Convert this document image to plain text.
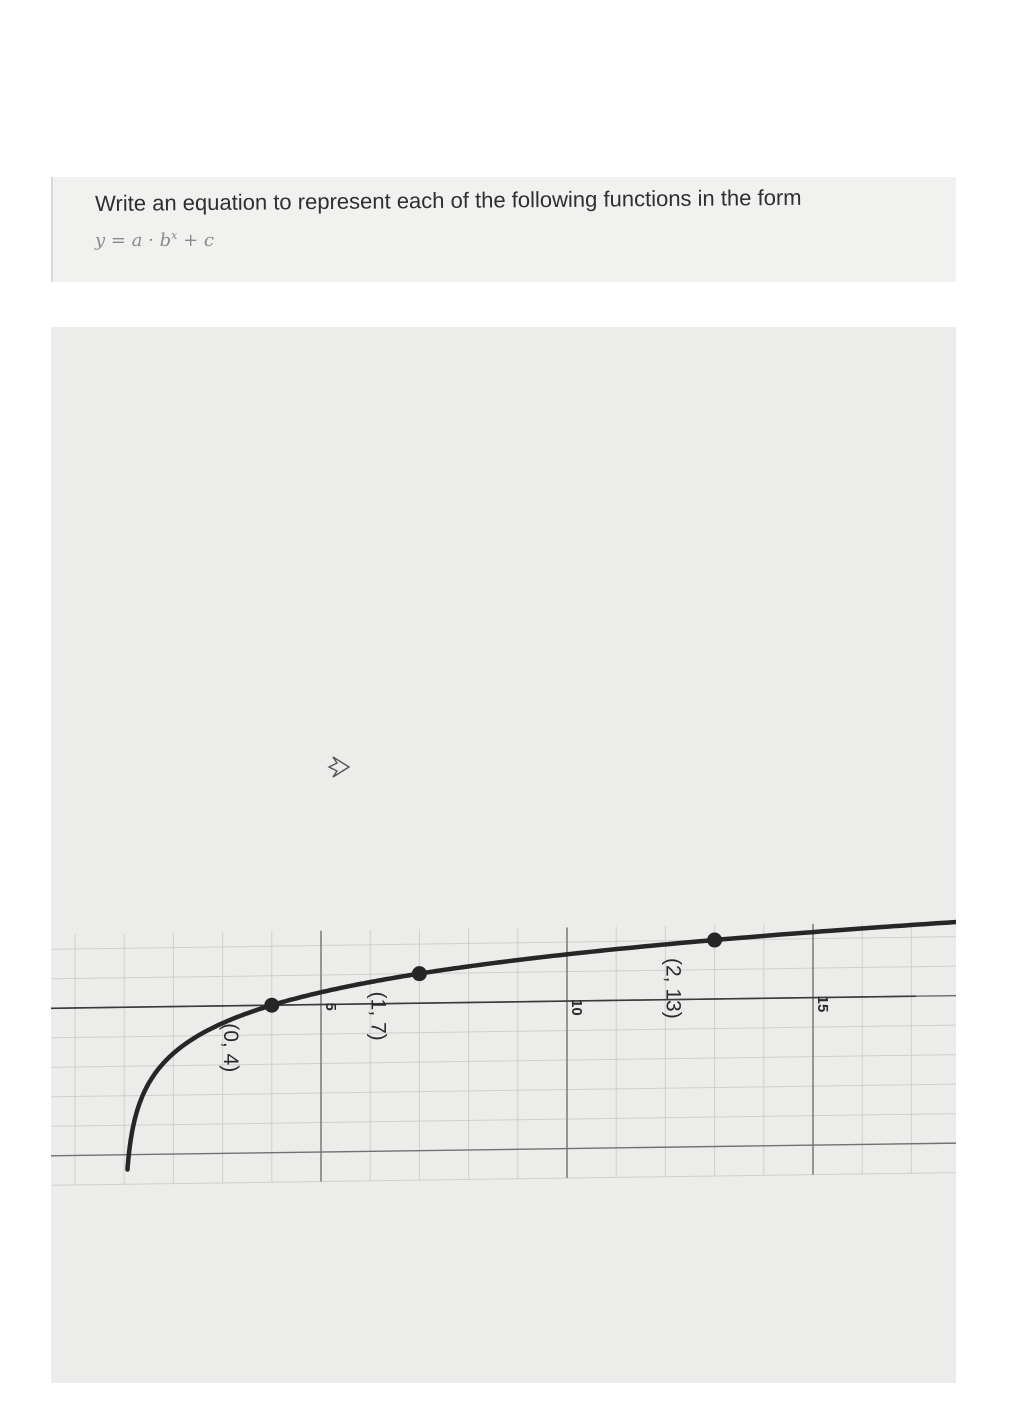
Write an equation to represent each of the following functions in the form
$y = a \cdot b^x + c$
5	10	15
(0, 4)
(1, 7)	(2, 13)
